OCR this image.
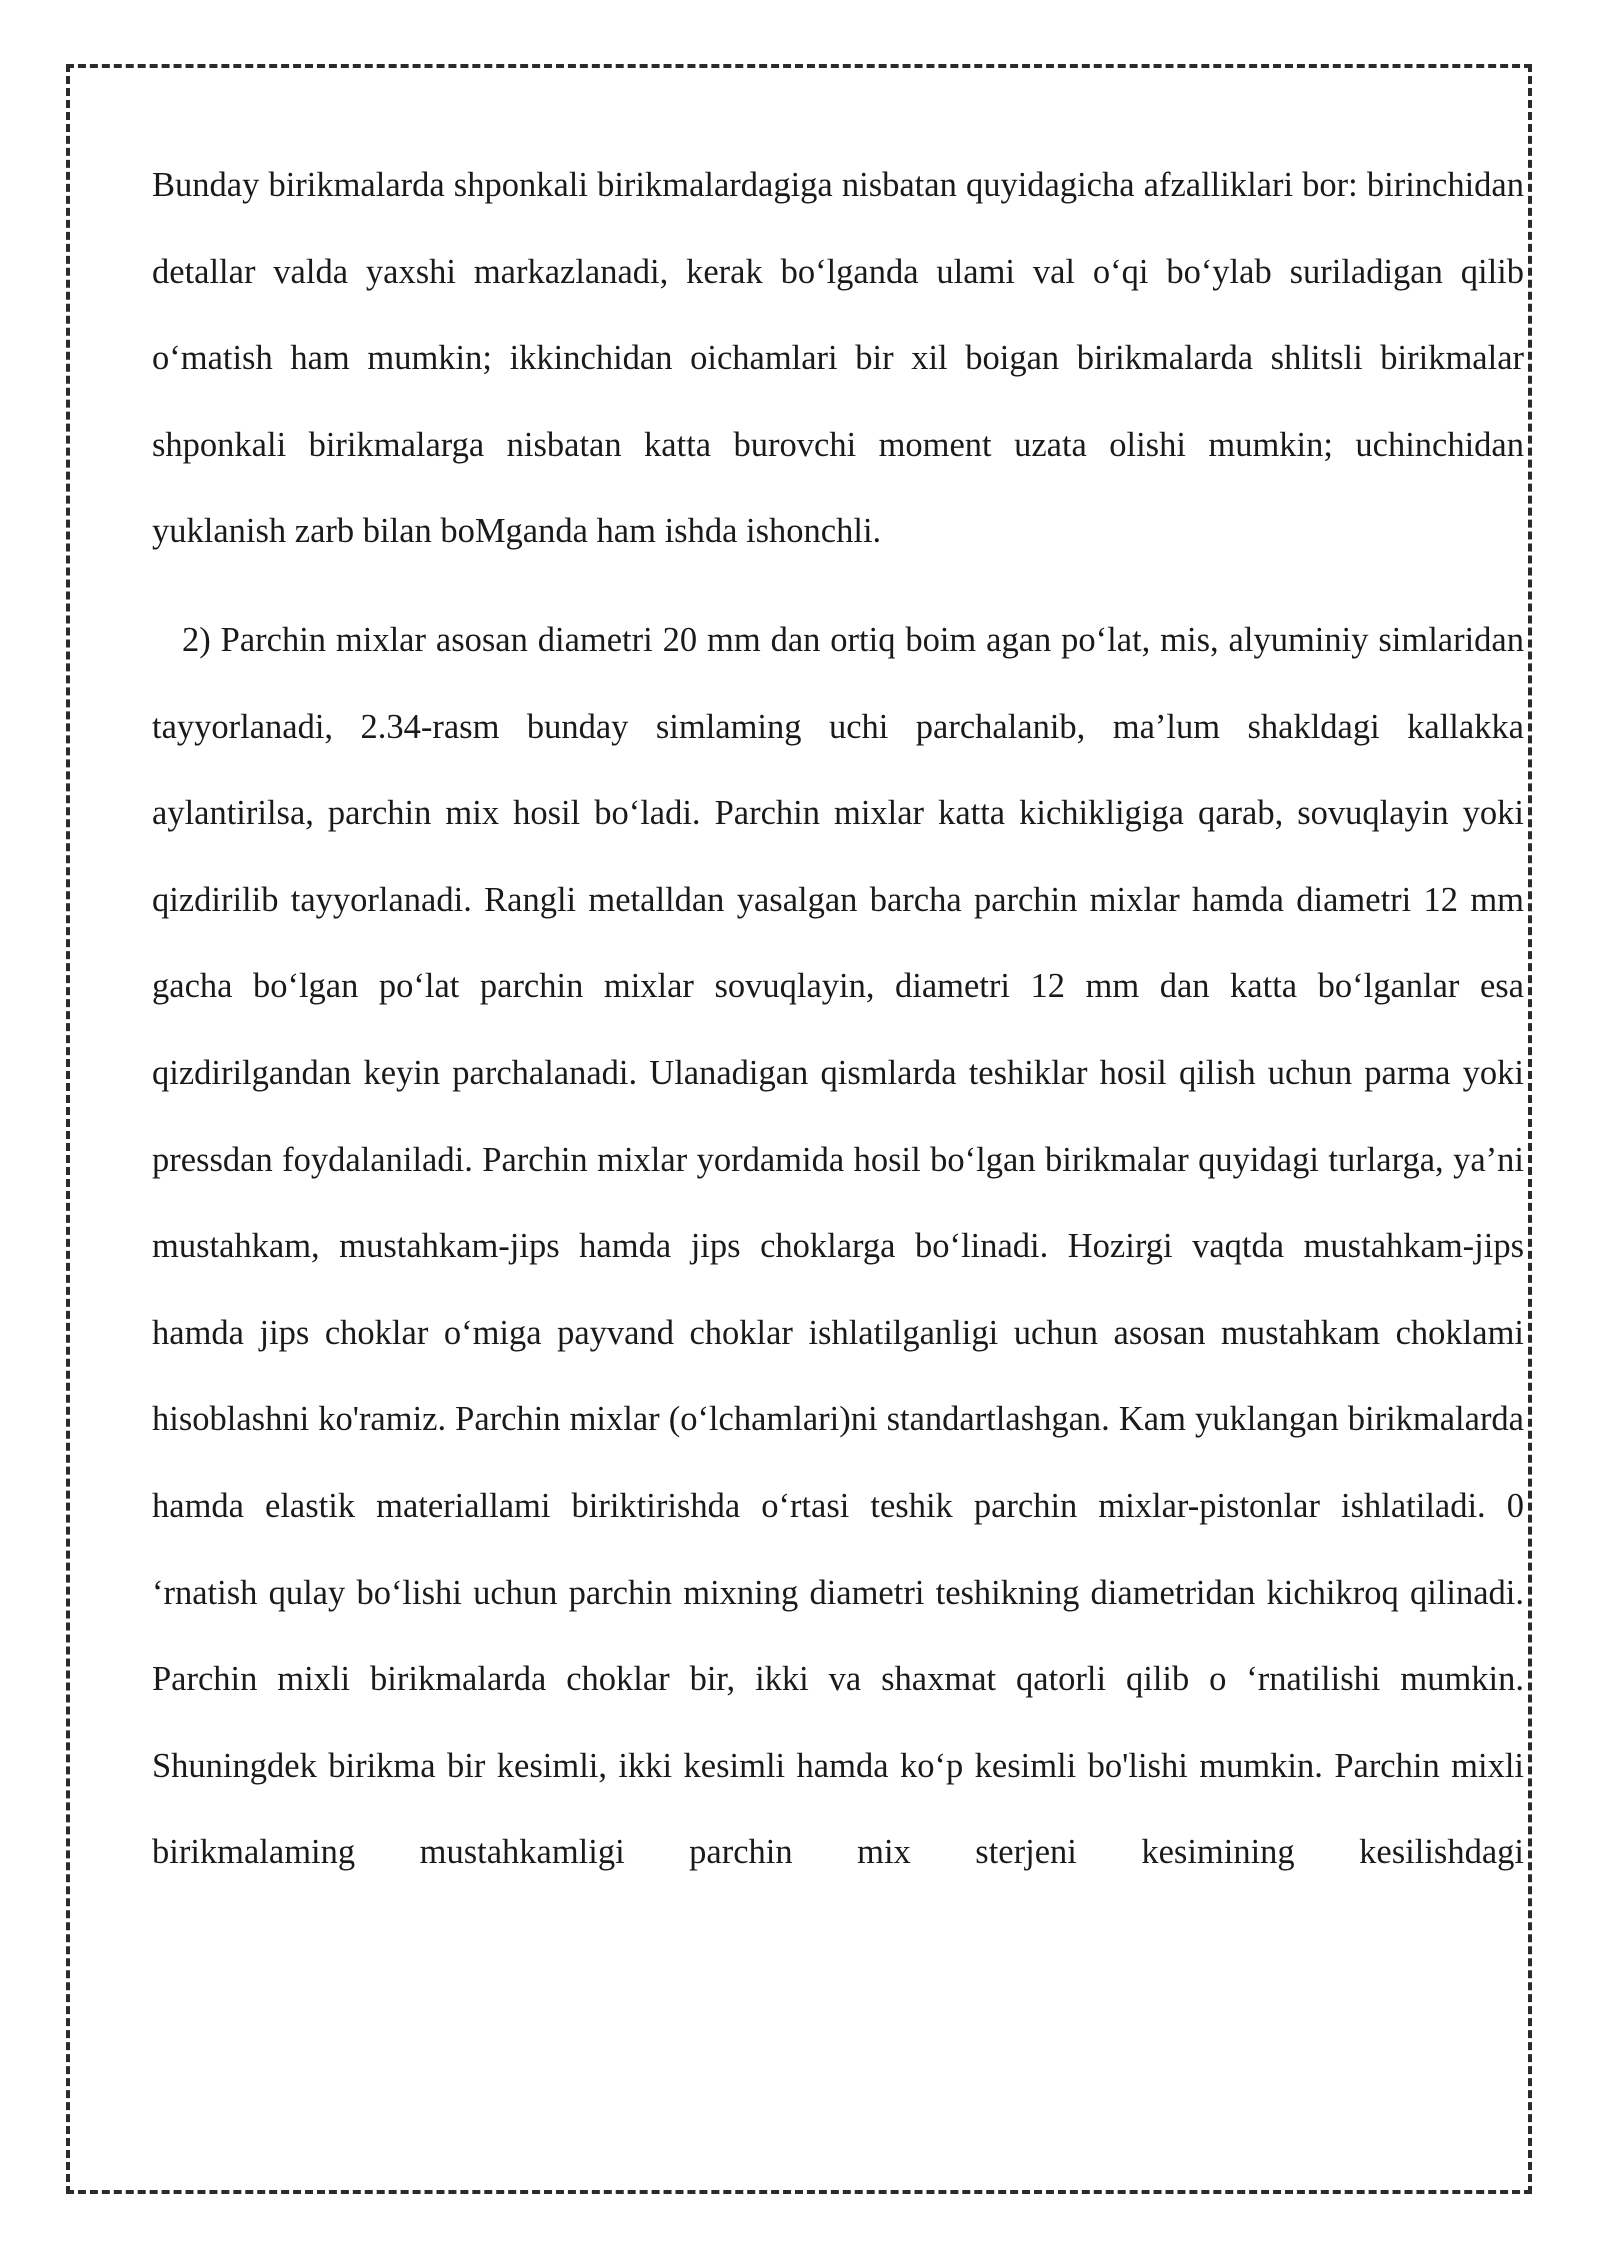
Bunday birikmalarda shponkali birikmalardagiga nisbatan quyidagicha afzalliklari bor: birinchidan detallar valda yaxshi markazlanadi, kerak bo‘lganda ulami val o‘qi bo‘ylab suriladigan qilib o‘matish ham mumkin; ikkinchidan oichamlari bir xil boigan birikmalarda shlitsli birikmalar shponkali birikmalarga nisbatan katta burovchi moment uzata olishi mumkin; uchinchidan yuklanish zarb bilan boMganda ham ishda ishonchli.

2) Parchin mixlar asosan diametri 20 mm dan ortiq boim agan po‘lat, mis, alyuminiy simlaridan tayyorlanadi, 2.34-rasm bunday simlaming uchi parchalanib, ma’lum shakldagi kallakka aylantirilsa, parchin mix hosil bo‘ladi. Parchin mixlar katta kichikligiga qarab, sovuqlayin yoki qizdirilib tayyorlanadi. Rangli metalldan yasalgan barcha parchin mixlar hamda diametri 12 mm gacha bo‘lgan po‘lat parchin mixlar sovuqlayin, diametri 12 mm dan katta bo‘lganlar esa qizdirilgandan keyin parchalanadi. Ulanadigan qismlarda teshiklar hosil qilish uchun parma yoki pressdan foydalaniladi. Parchin mixlar yordamida hosil bo‘lgan birikmalar quyidagi turlarga, ya’ni mustahkam, mustahkam-jips hamda jips choklarga bo‘linadi. Hozirgi vaqtda mustahkam-jips hamda jips choklar o‘miga payvand choklar ishlatilganligi uchun asosan mustahkam choklami hisoblashni ko'ramiz. Parchin mixlar (o‘lchamlari)ni standartlashgan. Kam yuklangan birikmalarda hamda elastik materiallami biriktirishda o‘rtasi teshik parchin mixlar-pistonlar ishlatiladi. 0 ‘rnatish qulay bo‘lishi uchun parchin mixning diametri teshikning diametridan kichikroq qilinadi. Parchin mixli birikmalarda choklar bir, ikki va shaxmat qatorli qilib o ‘rnatilishi mumkin. Shuningdek birikma bir kesimli, ikki kesimli hamda ko‘p kesimli bo'lishi mumkin. Parchin mixli birikmalaming mustahkamligi parchin mix sterjeni kesimining kesilishdagi
